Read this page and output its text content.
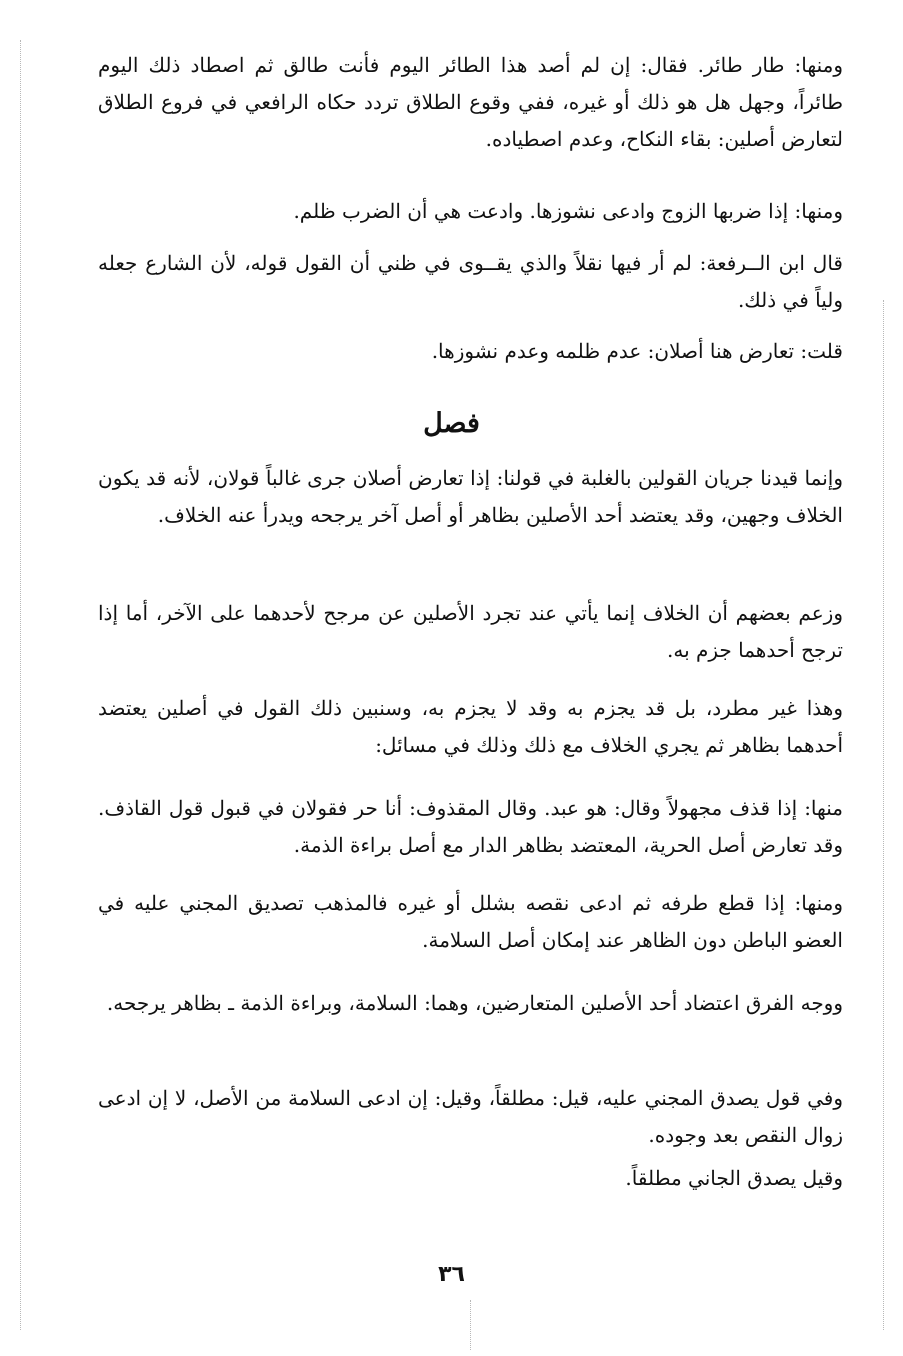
ومنها: طار طائر. فقال: إن لم أصد هذا الطائر اليوم فأنت طالق ثم اصطاد ذلك اليوم طائراً، وجهل هل هو ذلك أو غيره، ففي وقوع الطلاق تردد حكاه الرافعي في فروع الطلاق لتعارض أصلين: بقاء النكاح، وعدم اصطياده.
ومنها: إذا ضربها الزوج وادعى نشوزها. وادعت هي أن الضرب ظلم.
قال ابن الــرفعة: لم أر فيها نقلاً والذي يقــوى في ظني أن القول قوله، لأن الشارع جعله ولياً في ذلك.
قلت: تعارض هنا أصلان: عدم ظلمه وعدم نشوزها.
فصل
وإنما قيدنا جريان القولين بالغلبة في قولنا: إذا تعارض أصلان جرى غالباً قولان، لأنه قد يكون الخلاف وجهين، وقد يعتضد أحد الأصلين بظاهر أو أصل آخر يرجحه ويدرأ عنه الخلاف.
وزعم بعضهم أن الخلاف إنما يأتي عند تجرد الأصلين عن مرجح لأحدهما على الآخر، أما إذا ترجح أحدهما جزم به.
وهذا غير مطرد، بل قد يجزم به وقد لا يجزم به، وسنبين ذلك القول في أصلين يعتضد أحدهما بظاهر ثم يجري الخلاف مع ذلك وذلك في مسائل:
منها: إذا قذف مجهولاً وقال: هو عبد. وقال المقذوف: أنا حر فقولان في قبول قول القاذف. وقد تعارض أصل الحرية، المعتضد بظاهر الدار مع أصل براءة الذمة.
ومنها: إذا قطع طرفه ثم ادعى نقصه بشلل أو غيره فالمذهب تصديق المجني عليه في العضو الباطن دون الظاهر عند إمكان أصل السلامة.
ووجه الفرق اعتضاد أحد الأصلين المتعارضين، وهما: السلامة، وبراءة الذمة ـ بظاهر يرجحه.
وفي قول يصدق المجني عليه، قيل: مطلقاً، وقيل: إن ادعى السلامة من الأصل، لا إن ادعى زوال النقص بعد وجوده.
وقيل يصدق الجاني مطلقاً.
٣٦
